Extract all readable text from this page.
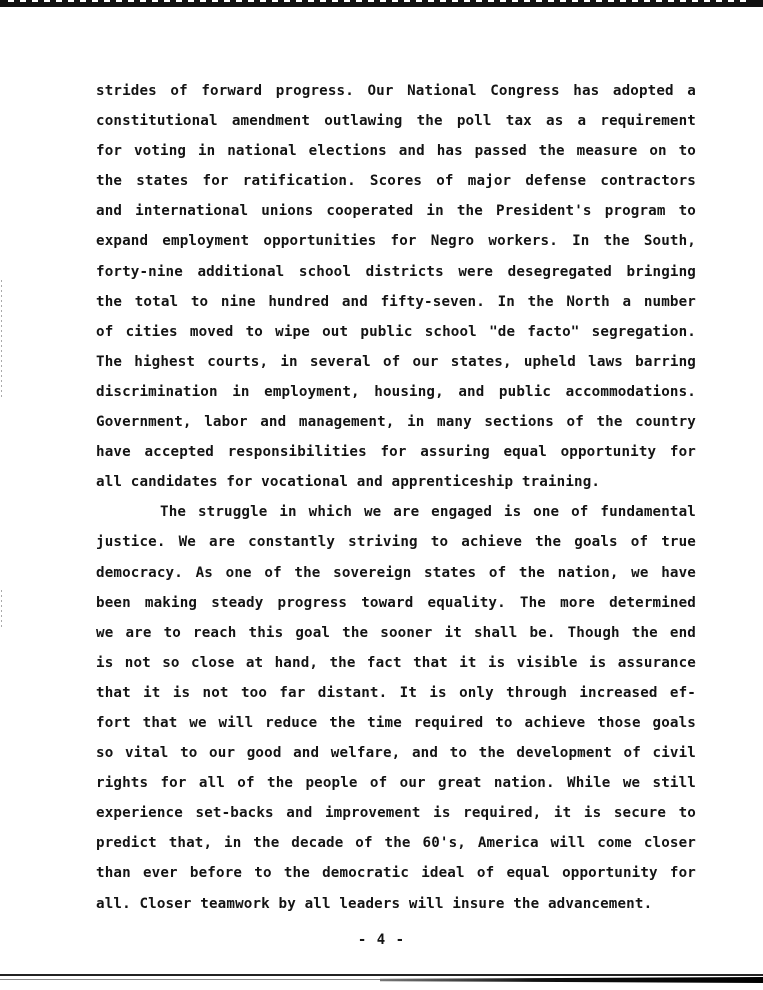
strides of forward progress. Our National Congress has adopted a
constitutional amendment outlawing the poll tax as a requirement
for voting in national elections and has passed the measure on to
the states for ratification. Scores of major defense contractors
and international unions cooperated in the President's program to
expand employment opportunities for Negro workers. In the South,
forty-nine additional school districts were desegregated bringing
the total to nine hundred and fifty-seven. In the North a number
of cities moved to wipe out public school "de facto" segregation.
The highest courts, in several of our states, upheld laws barring
discrimination in employment, housing, and public accommodations.
Government, labor and management, in many sections of the country
have accepted responsibilities for assuring equal opportunity for
all candidates for vocational and apprenticeship training.

The struggle in which we are engaged is one of fundamental
justice. We are constantly striving to achieve the goals of true
democracy. As one of the sovereign states of the nation, we have
been making steady progress toward equality. The more determined
we are to reach this goal the sooner it shall be. Though the end
is not so close at hand, the fact that it is visible is assurance
that it is not too far distant. It is only through increased ef-
fort that we will reduce the time required to achieve those goals
so vital to our good and welfare, and to the development of civil
rights for all of the people of our great nation. While we still
experience set-backs and improvement is required, it is secure to
predict that, in the decade of the 60's, America will come closer
than ever before to the democratic ideal of equal opportunity for
all. Closer teamwork by all leaders will insure the advancement.

- 4 -
